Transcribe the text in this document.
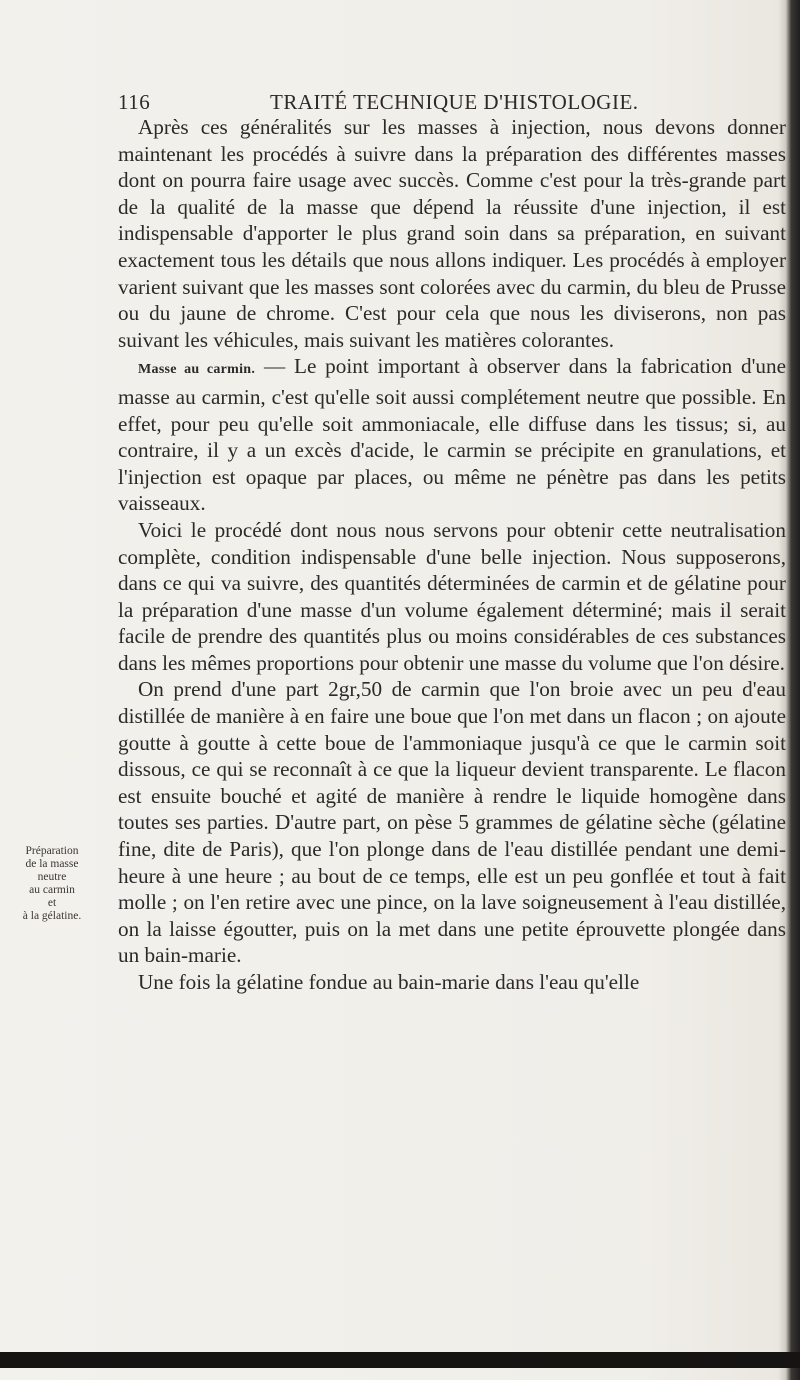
116	TRAITÉ TECHNIQUE D'HISTOLOGIE.
Préparation
de la masse
neutre
au carmin
et
à la gélatine.

Après ces généralités sur les masses à injection, nous devons donner maintenant les procédés à suivre dans la préparation des différentes masses dont on pourra faire usage avec succès. Comme c'est pour la très-grande part de la qualité de la masse que dépend la réussite d'une injection, il est indispensable d'apporter le plus grand soin dans sa préparation, en suivant exactement tous les détails que nous allons indiquer. Les procédés à employer varient suivant que les masses sont colorées avec du carmin, du bleu de Prusse ou du jaune de chrome. C'est pour cela que nous les diviserons, non pas suivant les véhicules, mais suivant les matières colorantes.

Masse au carmin. — Le point important à observer dans la fabrication d'une masse au carmin, c'est qu'elle soit aussi complétement neutre que possible. En effet, pour peu qu'elle soit ammoniacale, elle diffuse dans les tissus; si, au contraire, il y a un excès d'acide, le carmin se précipite en granulations, et l'injection est opaque par places, ou même ne pénètre pas dans les petits vaisseaux.

Voici le procédé dont nous nous servons pour obtenir cette neutralisation complète, condition indispensable d'une belle injection. Nous supposerons, dans ce qui va suivre, des quantités déterminées de carmin et de gélatine pour la préparation d'une masse d'un volume également déterminé; mais il serait facile de prendre des quantités plus ou moins considérables de ces substances dans les mêmes proportions pour obtenir une masse du volume que l'on désire.

On prend d'une part 2gr,50 de carmin que l'on broie avec un peu d'eau distillée de manière à en faire une boue que l'on met dans un flacon ; on ajoute goutte à goutte à cette boue de l'ammoniaque jusqu'à ce que le carmin soit dissous, ce qui se reconnaît à ce que la liqueur devient transparente. Le flacon est ensuite bouché et agité de manière à rendre le liquide homogène dans toutes ses parties. D'autre part, on pèse 5 grammes de gélatine sèche (gélatine fine, dite de Paris), que l'on plonge dans de l'eau distillée pendant une demi-heure à une heure ; au bout de ce temps, elle est un peu gonflée et tout à fait molle ; on l'en retire avec une pince, on la lave soigneusement à l'eau distillée, on la laisse égoutter, puis on la met dans une petite éprouvette plongée dans un bain-marie.

Une fois la gélatine fondue au bain-marie dans l'eau qu'elle
